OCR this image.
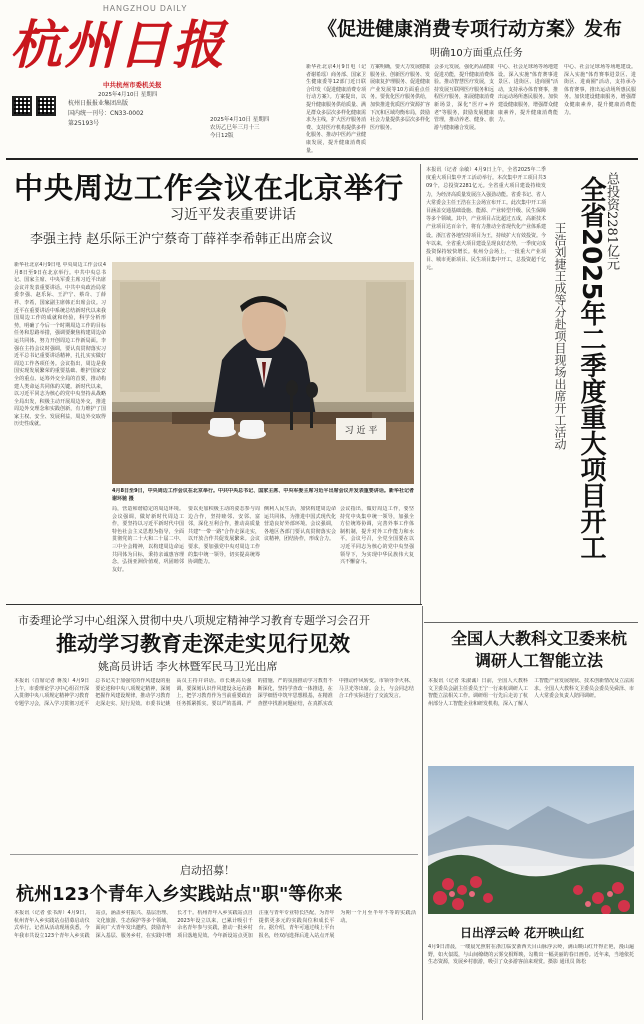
HANGZHOU DAILY
杭州日报
中共杭州市委机关报
杭州日报报业集团出版
国内统一刊号：CN33-0002
第25193号
2025年4月10日 星期四
2025年4月10日 星期四
农历乙巳年三月十三
今日12版
《促进健康消费专项行动方案》发布
明确10方面重点任务
新华社北京4月9日电（记者谢希瑶）商务部、国家卫生健康委等12部门近日联合印发《促进健康消费专项行动方案》。方案提出，以提升健康服务供给质量、满足群众多层次多样化健康需求为主线，扩大医疗服务消费、支持医疗机构提供多样化服务、推动中医药产业健康发展，提升健康消费质量。
方案明确，要大力发展健康服务业、创新医疗服务、发展康复护理服务、促进健康产业发展等10方面重点任务。要优化医疗服务供给，加快推进优质医疗资源扩容下沉和区域均衡布局，鼓励社会力量提供多层次多样化医疗服务。
会多元发展，强化药品健康促进功能，提升健康消费体验。推动智慧医疗发展，支持发展互联网医疗服务和远程医疗服务，拓展健康消费新场景，深化"医疗+养老"等服务，鼓励发展健康管理，推动养老、健身、旅游与健康融合发展。
中心、社会足球场等场地建设。深入实施"体育赛事进景区、进街区、进商圈"活动，支持承办体育赛事，推出运动场所惠民服务。加快建设健康服务，增强群众健康素养，提升健康消费能力。
中心、社会足球场等场地建设。深入实施"体育赛事进景区、进街区、进商圈"活动，支持承办体育赛事，推出运动场所惠民服务。加快建设健康服务，增强群众健康素养，提升健康消费能力。
中央周边工作会议在北京举行
习近平发表重要讲话
李强主持 赵乐际王沪宁蔡奇丁薛祥李希韩正出席会议
新华社北京4月9日电 中央周边工作会议4月8日至9日在北京举行。中共中央总书记、国家主席、中央军委主席习近平出席会议并发表重要讲话。中共中央政治局常委李强、赵乐际、王沪宁、蔡奇、丁薛祥、李希，国家副主席韩正出席会议。习近平在重要讲话中系统总结新时代以来我国周边工作的成就和经验，科学分析形势，明确了今后一个时期周边工作的目标任务和思路举措，强调要聚焦构建周边命运共同体，努力开创周边工作新局面。李强在主持会议时强调，要认真贯彻落实习近平总书记重要讲话精神，扎扎实实做好周边工作各项任务。会议指出，周边是我国实现发展繁荣的重要基础、维护国家安全的重点、运筹外交全局的首要，推动构建人类命运共同体的关键。新时代以来，以习近平同志为核心的党中央坚持从战略全局出发，积极主动开展周边外交，推进周边外交理念和实践创新，有力维护了国家主权、安全、发展利益，周边外交取得历史性成就。
习 近 平
4月8日至9日，中央周边工作会议在北京举行。中共中央总书记、国家主席、中央军委主席习近平出席会议并发表重要讲话。新华社记者 谢环驰 摄
局，营造和谐稳定的周边环境。会议强调，做好新时代周边工作，要坚持以习近平新时代中国特色社会主义思想为指导，全面贯彻党的二十大和二十届二中、三中全会精神，以构建周边命运共同体为目标，秉持亲诚惠容理念，弘扬亚洲价值观，巩固睦邻友好。
要以更加积极主动的姿态参与周边合作，坚持睦邻、安邻、富邻，深化互利合作，推动高质量共建"一带一路"合作走深走实，以开放合作共促发展繁荣。会议要求，要加强党中央对周边工作的集中统一领导，切实提高统筹协调能力。
侧利人民生活，加快构建周边命运共同体，为推进中国式现代化营造良好外部环境。会议强调，各地区各部门要认真贯彻落实会议精神，团结协作，形成合力。
会议指出，做好周边工作，要坚持党中央集中统一领导，加强全方位统筹协调，完善外事工作体制机制，提升对外工作能力和水平。会议号召，全党全国要在以习近平同志为核心的党中央坚强领导下，为实现中华民族伟大复兴不懈奋斗。
总投资2281亿元
全省2025年二季度重大项目开工
王浩刘捷王成等分赴项目现场出席开工活动
本报讯（记者 余敏）4月9日上午，全省2025年二季度重大项目集中开工活动举行。本次集中开工项目共309个，总投资2281亿元。全省重大项目建设持续发力，为经济高质量发展注入强劲动能。省委书记、省人大常委会主任王浩在主会场宣布开工。此次集中开工项目涵盖交通基础设施、能源、产业转型升级、民生保障等多个领域。其中，产业项目占比超过五成，高新技术产业项目达百余个，将有力推动全省现代化产业体系建设。浙江省各地坚持项目为王，持续扩大有效投资。今年以来，全省重大项目建设呈现良好态势，一季度完成投资保持较快增长。杭州分会场上，一批重大产业项目、城市更新项目、民生项目集中开工，总投资超千亿元。
市委理论学习中心组深入贯彻中央八项规定精神学习教育专题学习会召开
推动学习教育走深走实见行见效
姚高员讲话 李火林暨军民马卫光出席
本报讯（首席记者 蒋茂）4月9日上午，市委理论学习中心组召开深入贯彻中央八项规定精神学习教育专题学习会，深入学习贯彻习近平总书记关于加强党的作风建设的重要论述和中央八项规定精神，深刻把握作风建设规律，推动学习教育走深走实、见行见效。市委书记姚高员主持并讲话。市长姚高员强调，要深刻认识作风建设永远在路上，把学习教育作为当前重要政治任务抓紧抓实。要以严的基调、严的措施、严的氛围推动学习教育不断深化，坚持学查改一体推进，在深学细悟中筑牢思想根基，在精准查摆中找准问题症结，在真抓实改中推动作风转变。市领导李火林、马卫光等出席。会上，与会同志结合工作实际进行了交流发言。
全国人大教科文卫委来杭调研人工智能立法
本报讯（记者 朱淑诚）日前，全国人大教科文卫委员会副主任委员王宁一行来杭调研人工智能立法相关工作。调研组一行先后走访了杭州部分人工智能企业和研发机构，深入了解人工智能产业发展现状、技术创新情况及立法需求。全国人大教科文卫委员会委员吴舜泽、市人大常委会负责人陪同调研。
日出浮云岭 花开映山红
4月9日清晨，一缕晨光照射在浙江临安浙西天目山脉浮云岭，满山映山红开得正艳，漫山遍野，如火似霞，与山间缭绕的云雾交相辉映，勾勒出一幅美丽的春日画卷。近年来，当地依托生态资源，发展乡村旅游，吸引了众多游客前来观赏。摄影 通讯员 陈松
启动招募！
杭州123个青年入乡实践站点"职"等你来
本报讯（记者 张书涛）4月9日，杭州青年入乡实践站点招募启动仪式举行。记者从活动现场获悉，今年我市共设立123个青年入乡实践站点，涵盖乡村振兴、基层治理、文化旅游、生态保护等多个领域，面向广大青年发出邀约，鼓励青年深入基层、服务乡村，在实践中增长才干。杭州青年入乡实践站点自2023年设立以来，已累计吸引千余名青年参与实践，推动一批乡村项目落地见效。今年新设站点更加注重与青年专业特长匹配，为青年提供更多元的实践岗位和成长平台。据介绍，青年可通过线上平台报名，经双向选择后进入站点开展为期一个月至半年不等的实践活动。
